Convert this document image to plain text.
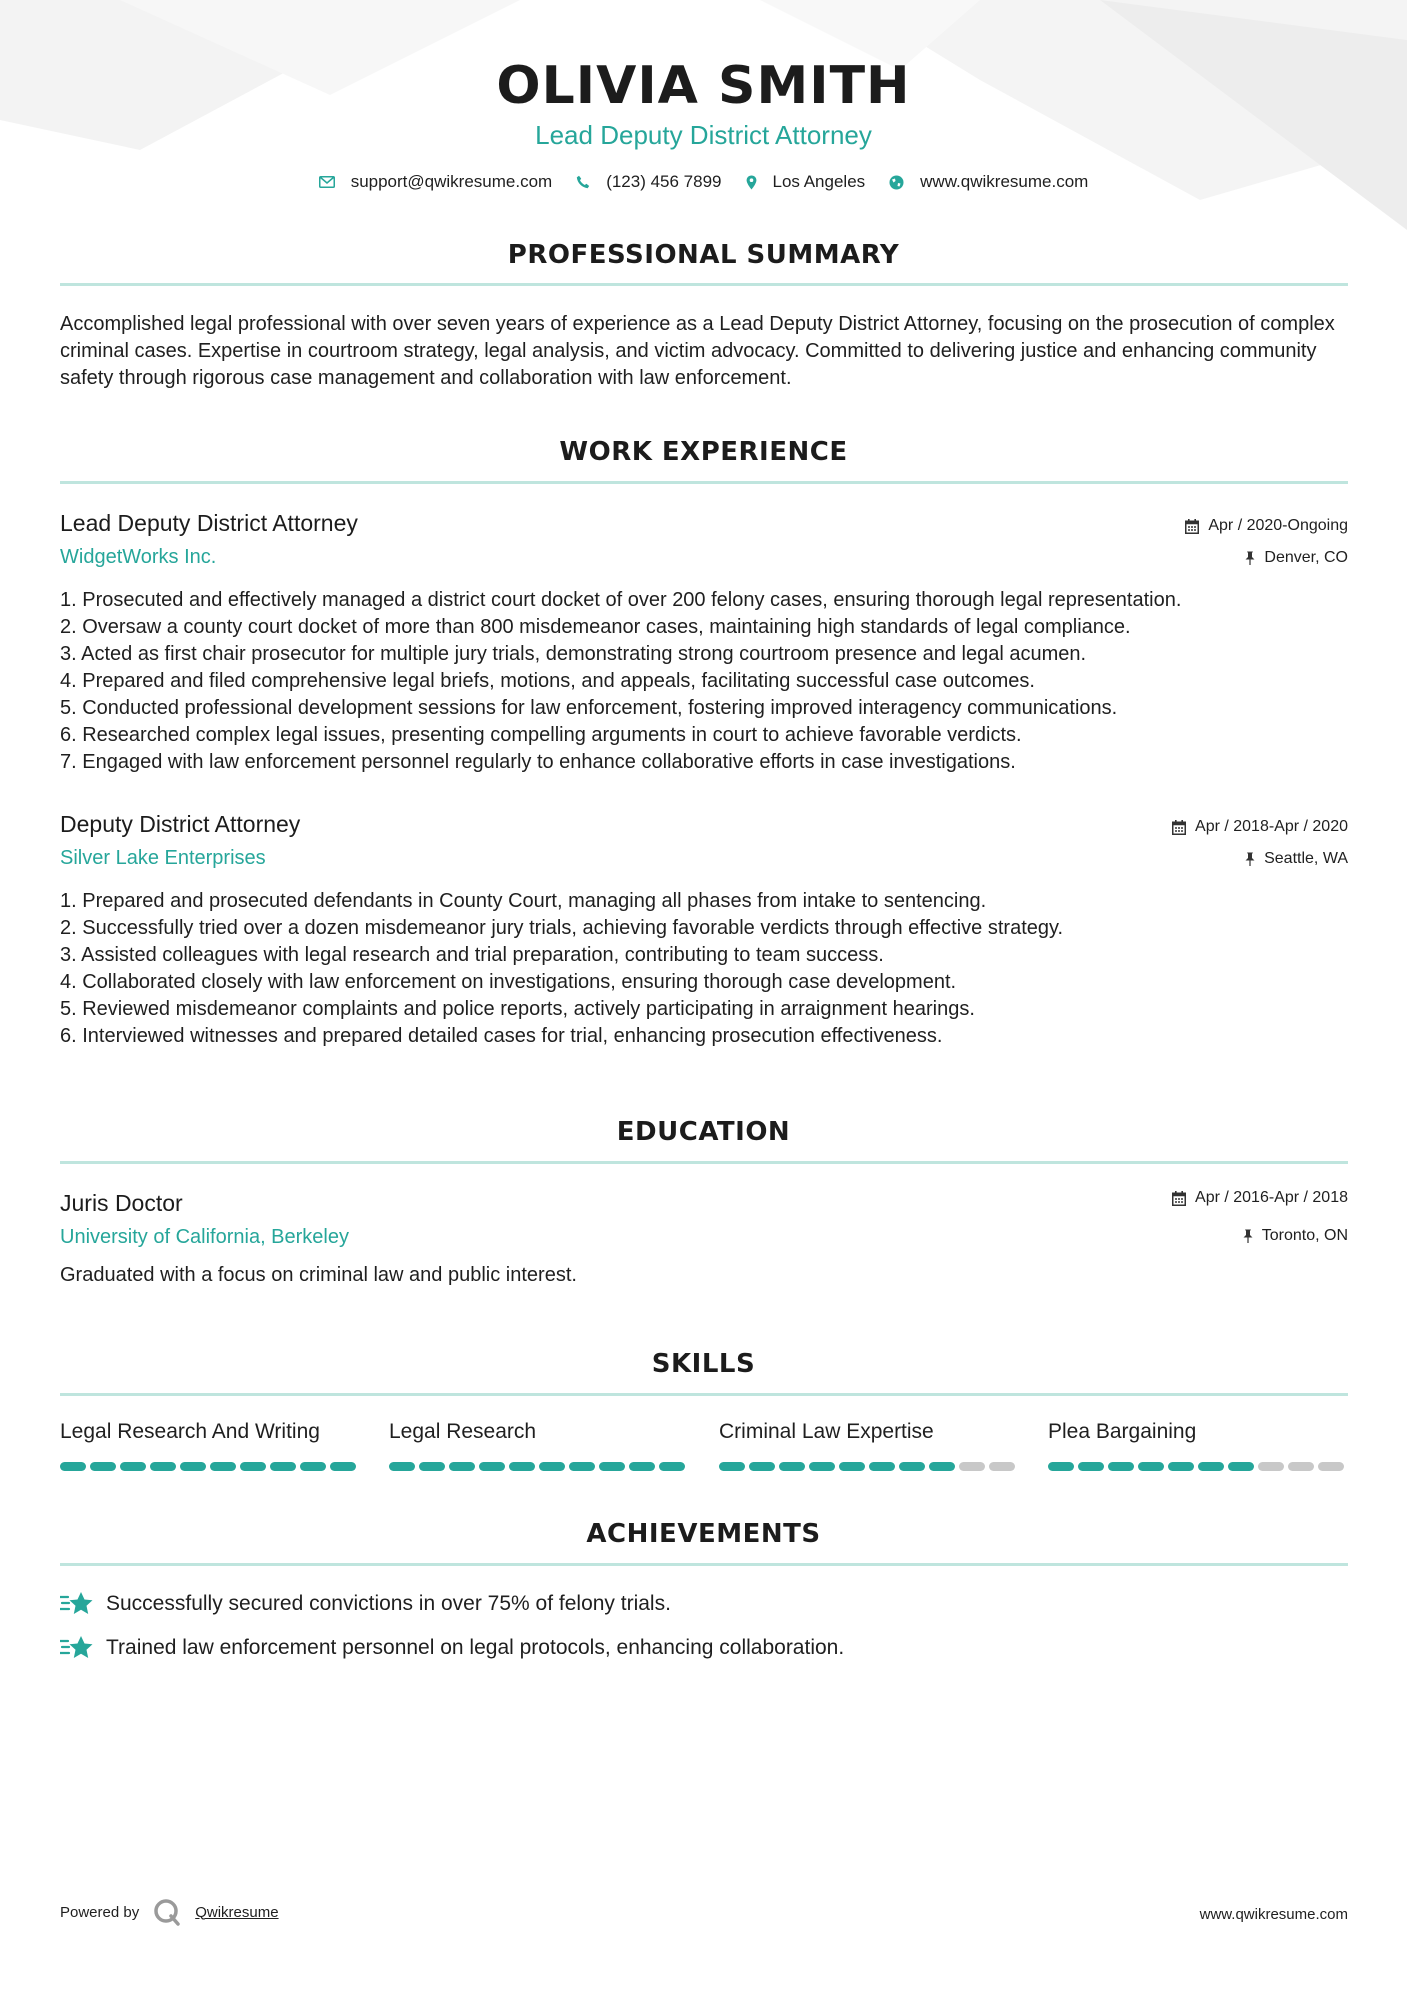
OLIVIA SMITH
Lead Deputy District Attorney
support@qwikresume.com	(123) 456 7899	Los Angeles	www.qwikresume.com
PROFESSIONAL SUMMARY
Accomplished legal professional with over seven years of experience as a Lead Deputy District Attorney, focusing on the prosecution of complex criminal cases. Expertise in courtroom strategy, legal analysis, and victim advocacy. Committed to delivering justice and enhancing community safety through rigorous case management and collaboration with law enforcement.
WORK EXPERIENCE
Lead Deputy District Attorney
WidgetWorks Inc.
Apr / 2020-Ongoing
Denver, CO
1. Prosecuted and effectively managed a district court docket of over 200 felony cases, ensuring thorough legal representation.
2. Oversaw a county court docket of more than 800 misdemeanor cases, maintaining high standards of legal compliance.
3. Acted as first chair prosecutor for multiple jury trials, demonstrating strong courtroom presence and legal acumen.
4. Prepared and filed comprehensive legal briefs, motions, and appeals, facilitating successful case outcomes.
5. Conducted professional development sessions for law enforcement, fostering improved interagency communications.
6. Researched complex legal issues, presenting compelling arguments in court to achieve favorable verdicts.
7. Engaged with law enforcement personnel regularly to enhance collaborative efforts in case investigations.
Deputy District Attorney
Silver Lake Enterprises
Apr / 2018-Apr / 2020
Seattle, WA
1. Prepared and prosecuted defendants in County Court, managing all phases from intake to sentencing.
2. Successfully tried over a dozen misdemeanor jury trials, achieving favorable verdicts through effective strategy.
3. Assisted colleagues with legal research and trial preparation, contributing to team success.
4. Collaborated closely with law enforcement on investigations, ensuring thorough case development.
5. Reviewed misdemeanor complaints and police reports, actively participating in arraignment hearings.
6. Interviewed witnesses and prepared detailed cases for trial, enhancing prosecution effectiveness.
EDUCATION
Juris Doctor
University of California, Berkeley
Apr / 2016-Apr / 2018
Toronto, ON
Graduated with a focus on criminal law and public interest.
SKILLS
Legal Research And Writing	Legal Research	Criminal Law Expertise	Plea Bargaining
ACHIEVEMENTS
Successfully secured convictions in over 75% of felony trials.
Trained law enforcement personnel on legal protocols, enhancing collaboration.
Powered by	Qwikresume	www.qwikresume.com
